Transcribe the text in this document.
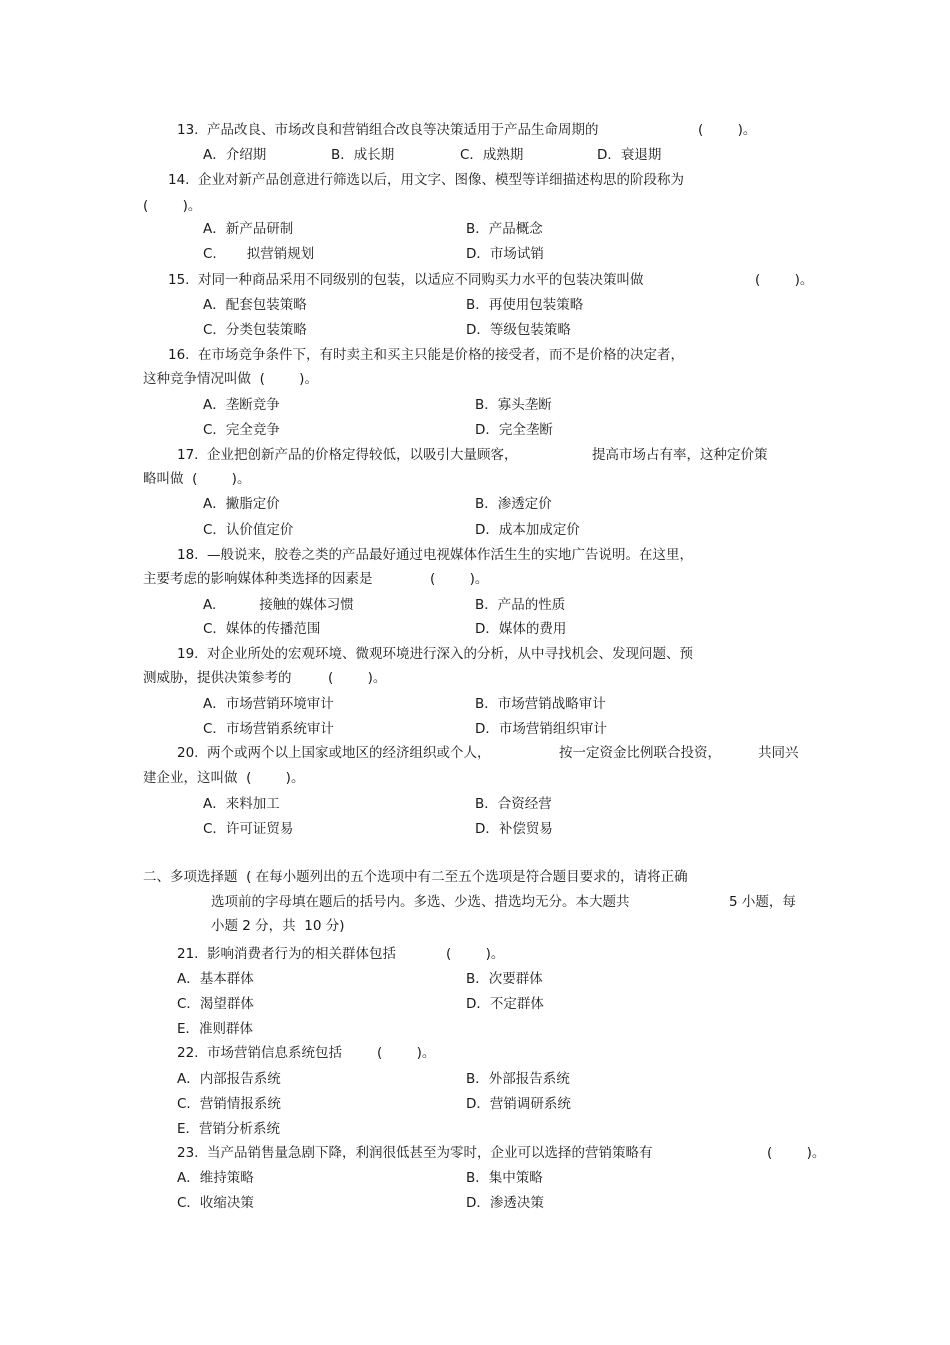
13.  产品改良、市场改良和营销组合改良等决策适用于产品生命周期的	(        )。
A．介绍期	B．成长期	C．成熟期	D．衰退期
14.  企业对新产品创意进行筛选以后，用文字、图像、模型等详细描述构思的阶段称为
(        )。
A．新产品研制	B．产品概念
C.       拟营销规划	D．市场试销
15.  对同一种商品采用不同级别的包装，以适应不同购买力水平的包装决策叫做	(        )。
A．配套包装策略	B．再使用包装策略
C．分类包装策略	D．等级包装策略
16.  在市场竞争条件下，有时卖主和买主只能是价格的接受者，而不是价格的决定者，
这种竞争情况叫做  (        )。
A．垄断竞争	B．寡头垄断
C．完全竞争	D．完全垄断
17.  企业把创新产品的价格定得较低，以吸引大量顾客，	提高市场占有率，这种定价策
略叫做  (        )。
A．撇脂定价	B．渗透定价
C．认价值定价	D．成本加成定价
18.  —般说来，胶卷之类的产品最好通过电视媒体作活生生的实地广告说明。在这里，
主要考虑的影响媒体种类选择的因素是	(        )。
A.          接触的媒体习惯	B．产品的性质
C．媒体的传播范围	D．媒体的费用
19.  对企业所处的宏观环境、微观环境进行深入的分析，从中寻找机会、发现问题、预
测威胁，提供决策参考的	(        )。
A．市场营销环境审计	B．市场营销战略审计
C．市场营销系统审计	D．市场营销组织审计
20.  两个或两个以上国家或地区的经济组织或个人，	按一定资金比例联合投资，	共同兴
建企业，这叫做  (        )。
A．来料加工	B．合资经营
C．许可证贸易	D．补偿贸易
二、多项选择题  ( 在每小题列出的五个选项中有二至五个选项是符合题目要求的，请将正确
选项前的字母填在题后的括号内。多选、少选、措选均无分。本大题共	5 小题，每
小题 2 分，共  10 分)
21.  影响消费者行为的相关群体包括	(        )。
A．基本群体	B．次要群体
C．渴望群体	D．不定群体
E．准则群体
22.  市场营销信息系统包括	(        )。
A．内部报告系统	B．外部报告系统
C．营销情报系统	D．营销调研系统
E．营销分析系统
23.  当产品销售量急剧下降，利润很低甚至为零时，企业可以选择的营销策略有	(        )。
A．维持策略	B．集中策略
C．收缩决策	D．渗透决策
